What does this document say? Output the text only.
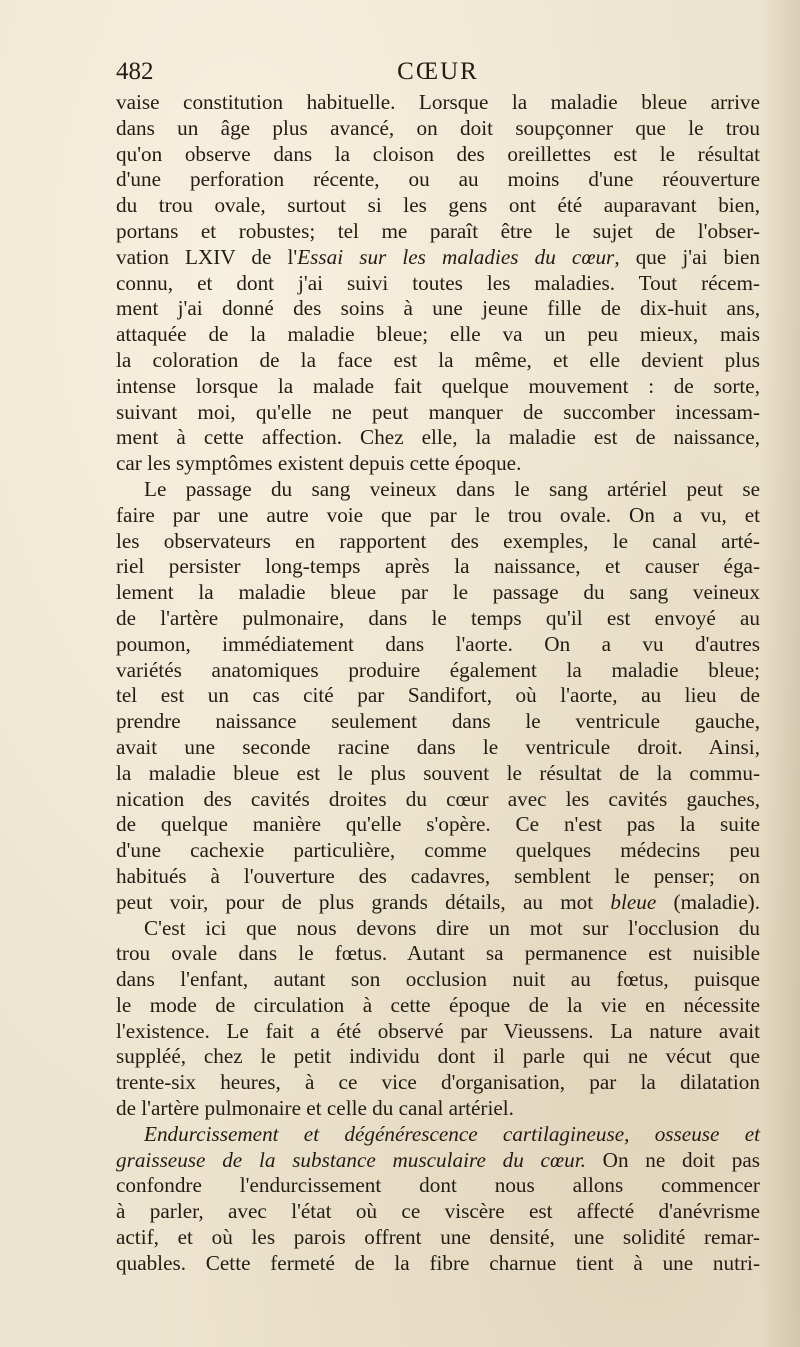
482	CŒUR
vaise constitution habituelle. Lorsque la maladie bleue arrive
dans un âge plus avancé, on doit soupçonner que le trou
qu'on observe dans la cloison des oreillettes est le résultat
d'une perforation récente, ou au moins d'une réouverture
du trou ovale, surtout si les gens ont été auparavant bien,
portans et robustes; tel me paraît être le sujet de l'obser-
vation LXIV de l'Essai sur les maladies du cœur, que j'ai bien
connu, et dont j'ai suivi toutes les maladies. Tout récem-
ment j'ai donné des soins à une jeune fille de dix-huit ans,
attaquée de la maladie bleue; elle va un peu mieux, mais
la coloration de la face est la même, et elle devient plus
intense lorsque la malade fait quelque mouvement : de sorte,
suivant moi, qu'elle ne peut manquer de succomber incessam-
ment à cette affection. Chez elle, la maladie est de naissance,
car les symptômes existent depuis cette époque.
Le passage du sang veineux dans le sang artériel peut se
faire par une autre voie que par le trou ovale. On a vu, et
les observateurs en rapportent des exemples, le canal arté-
riel persister long-temps après la naissance, et causer éga-
lement la maladie bleue par le passage du sang veineux
de l'artère pulmonaire, dans le temps qu'il est envoyé au
poumon, immédiatement dans l'aorte. On a vu d'autres
variétés anatomiques produire également la maladie bleue;
tel est un cas cité par Sandifort, où l'aorte, au lieu de
prendre naissance seulement dans le ventricule gauche,
avait une seconde racine dans le ventricule droit. Ainsi,
la maladie bleue est le plus souvent le résultat de la commu-
nication des cavités droites du cœur avec les cavités gauches,
de quelque manière qu'elle s'opère. Ce n'est pas la suite
d'une cachexie particulière, comme quelques médecins peu
habitués à l'ouverture des cadavres, semblent le penser; on
peut voir, pour de plus grands détails, au mot bleue (maladie).
C'est ici que nous devons dire un mot sur l'occlusion du
trou ovale dans le fœtus. Autant sa permanence est nuisible
dans l'enfant, autant son occlusion nuit au fœtus, puisque
le mode de circulation à cette époque de la vie en nécessite
l'existence. Le fait a été observé par Vieussens. La nature avait
suppléé, chez le petit individu dont il parle qui ne vécut que
trente-six heures, à ce vice d'organisation, par la dilatation
de l'artère pulmonaire et celle du canal artériel.
Endurcissement et dégénérescence cartilagineuse, osseuse et
graisseuse de la substance musculaire du cœur. On ne doit pas
confondre l'endurcissement dont nous allons commencer
à parler, avec l'état où ce viscère est affecté d'anévrisme
actif, et où les parois offrent une densité, une solidité remar-
quables. Cette fermeté de la fibre charnue tient à une nutri-
